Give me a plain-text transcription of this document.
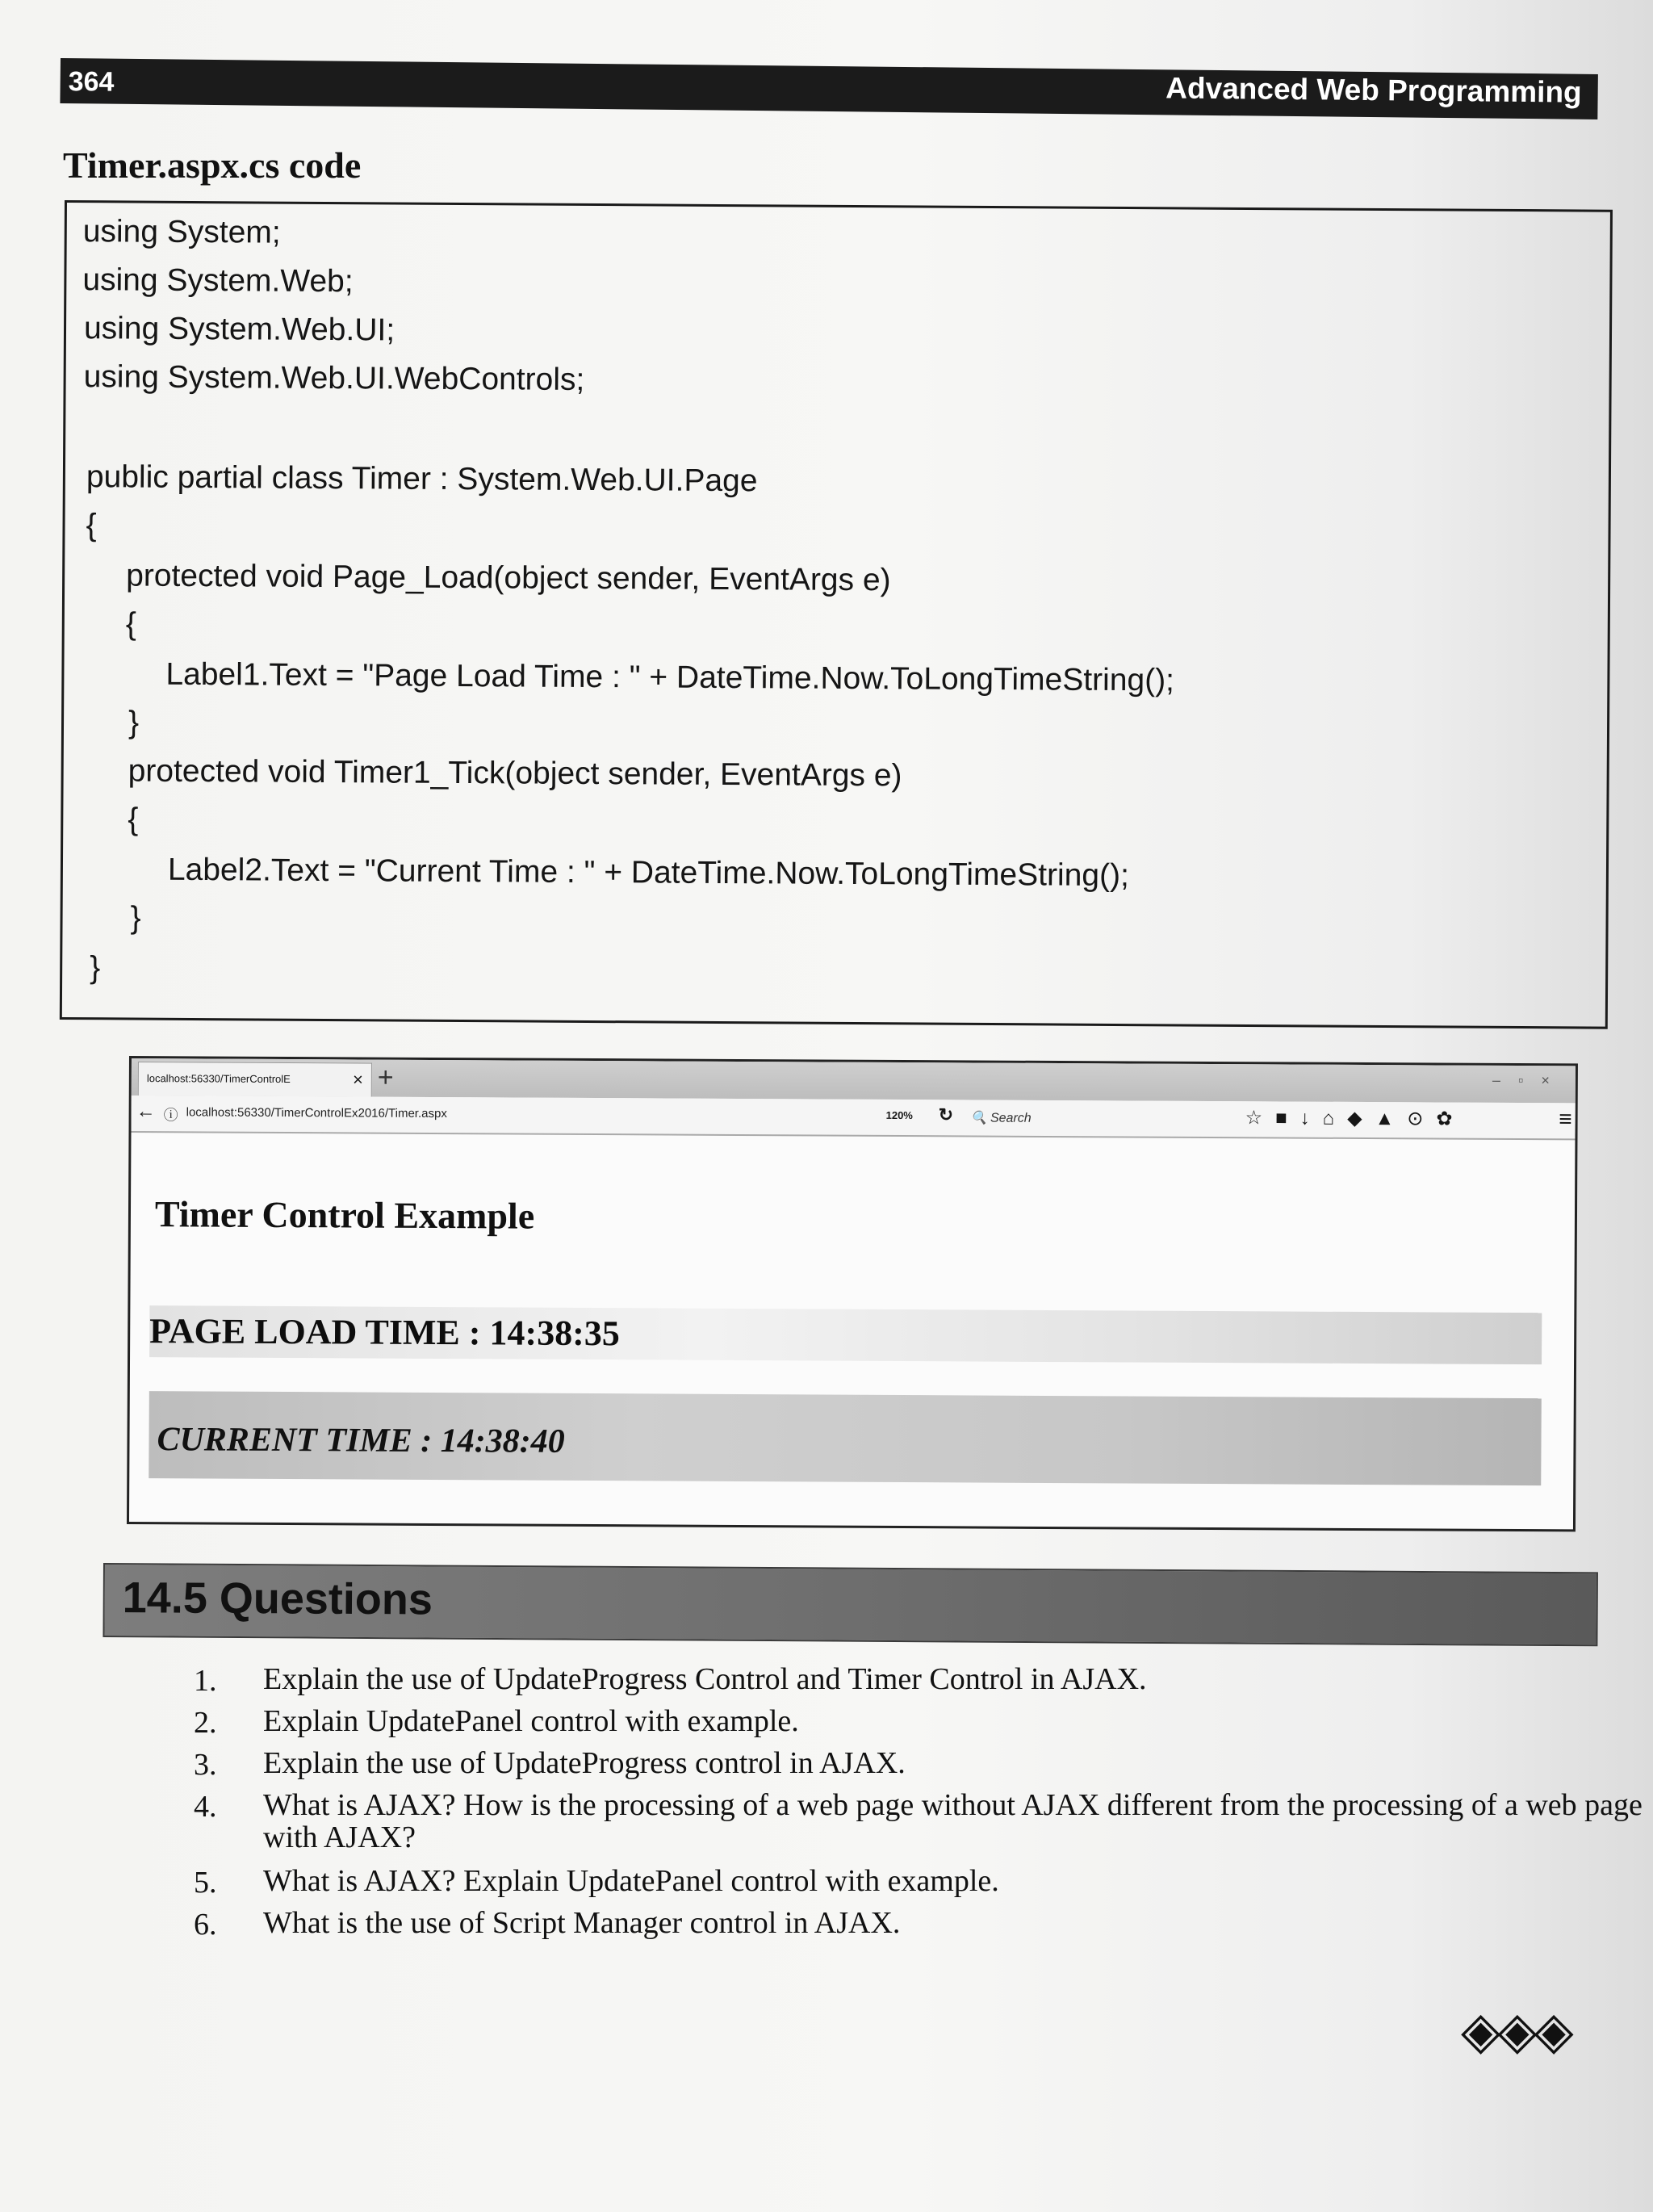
364	Advanced Web Programming
Timer.aspx.cs code
using System;
using System.Web;
using System.Web.UI;
using System.Web.UI.WebControls;
public partial class Timer : System.Web.UI.Page
{
protected void Page_Load(object sender, EventArgs e)
{
Label1.Text = "Page Load Time : " + DateTime.Now.ToLongTimeString();
}
protected void Timer1_Tick(object sender, EventArgs e)
{
Label2.Text = "Current Time : " + DateTime.Now.ToLongTimeString();
}
}
localhost:56330/TimerControlE	× +	–▫×
← ⓘ localhost:56330/TimerControlEx2016/Timer.aspx	120% ↻ 🔍 Search	☆■↓⌂◆▲⊙✿	≡
Timer Control Example
PAGE LOAD TIME : 14:38:35
CURRENT TIME : 14:38:40
14.5 Questions
1. Explain the use of UpdateProgress Control and Timer Control in AJAX.
2. Explain UpdatePanel control with example.
3. Explain the use of UpdateProgress control in AJAX.
4. What is AJAX? How is the processing of a web page without AJAX different from the processing of a web page with AJAX?
5. What is AJAX? Explain UpdatePanel control with example.
6. What is the use of Script Manager control in AJAX.
◈◈◈
